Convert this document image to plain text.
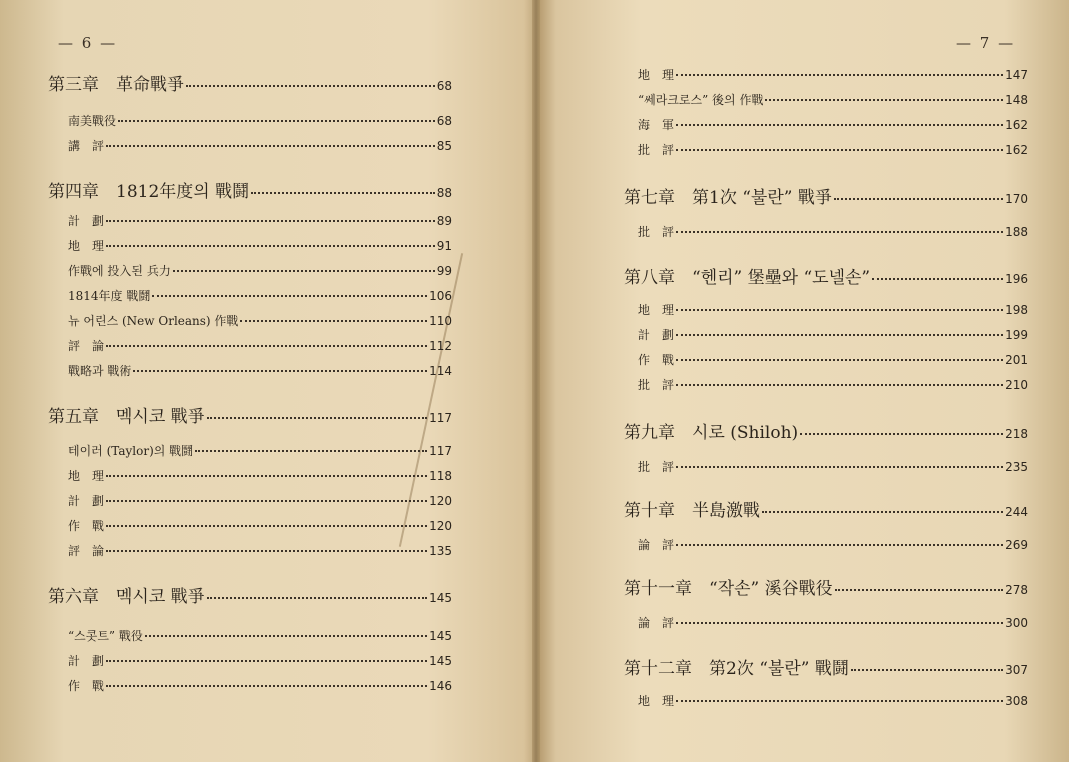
— 6 —
第三章　革命戰爭	68
南美戰役	68
講　評	85
第四章　1812年度의 戰鬪	88
計　劃	89
地　理	91
作戰에 投入된 兵力	99
1814年度 戰鬪	106
뉴 어린스 (New Orleans) 作戰	110
評　論	112
戰略과 戰術	114
第五章　멕시코 戰爭	117
테이러 (Taylor)의 戰鬪	117
地　理	118
計　劃	120
作　戰	120
評　論	135
第六章　멕시코 戰爭	145
“스콧트” 戰役	145
計　劃	145
作　戰	146
— 7 —
地　理	147
“쎄라크로스” 後의 作戰	148
海　軍	162
批　評	162
第七章　第1次 “불란” 戰爭	170
批　評	188
第八章　“헨리” 堡壘와 “도넬손”	196
地　理	198
計　劃	199
作　戰	201
批　評	210
第九章　시로 (Shiloh)	218
批　評	235
第十章　半島激戰	244
論　評	269
第十一章　“작손” 溪谷戰役	278
論　評	300
第十二章　第2次 “불란” 戰鬪	307
地　理	308
